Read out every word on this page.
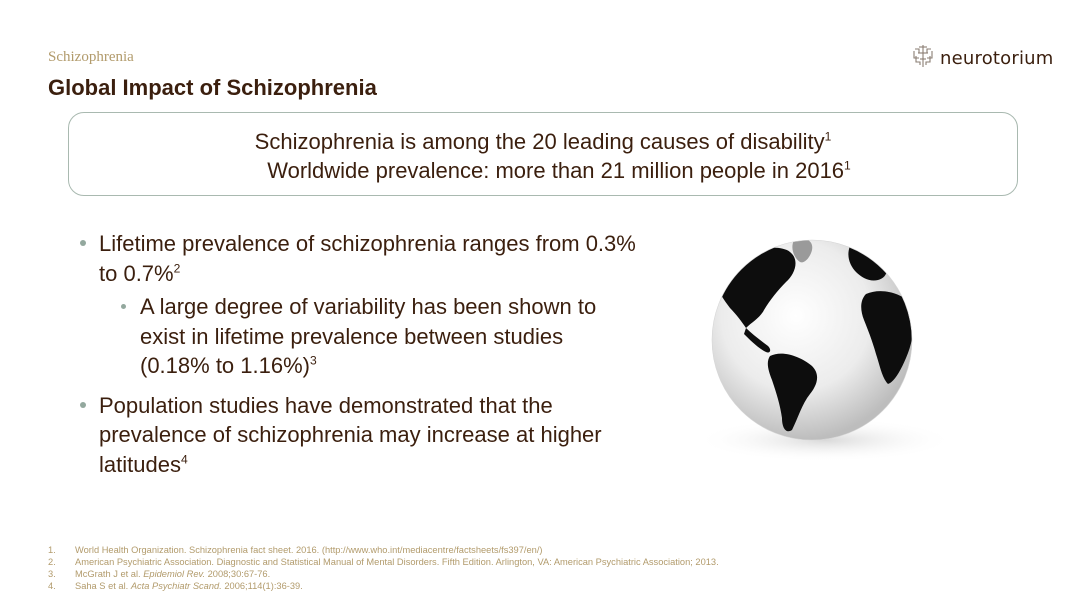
Schizophrenia
Global Impact of Schizophrenia
neurotorium
Schizophrenia is among the 20 leading causes of disability$^1$
Worldwide prevalence: more than 21 million people in 2016$^1$
Lifetime prevalence of schizophrenia ranges from 0.3% to 0.7%$^2$
A large degree of variability has been shown to exist in lifetime prevalence between studies (0.18% to 1.16%)$^3$
Population studies have demonstrated that the prevalence of schizophrenia may increase at higher latitudes$^4$
1.	World Health Organization. Schizophrenia fact sheet. 2016. (http://www.who.int/mediacentre/factsheets/fs397/en/)
2.	American Psychiatric Association. Diagnostic and Statistical Manual of Mental Disorders. Fifth Edition. Arlington, VA: American Psychiatric Association; 2013.
3.	McGrath J et al. Epidemiol Rev. 2008;30:67-76.
4.	Saha S et al. Acta Psychiatr Scand. 2006;114(1):36-39.
